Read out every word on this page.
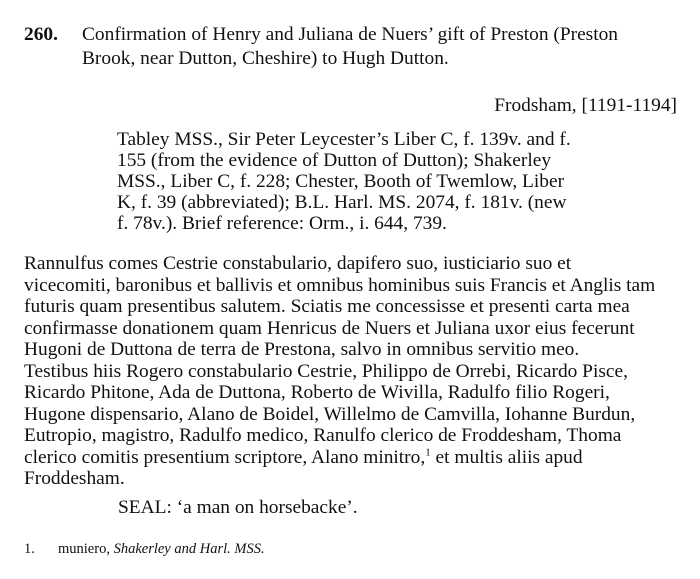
260. Confirmation of Henry and Juliana de Nuers’ gift of Preston (Preston
Brook, near Dutton, Cheshire) to Hugh Dutton.
Frodsham, [1191-1194]
Tabley MSS., Sir Peter Leycester’s Liber C, f. 139v. and f.
155 (from the evidence of Dutton of Dutton); Shakerley
MSS., Liber C, f. 228; Chester, Booth of Twemlow, Liber
K, f. 39 (abbreviated); B.L. Harl. MS. 2074, f. 181v. (new
f. 78v.). Brief reference: Orm., i. 644, 739.
Rannulfus comes Cestrie constabulario, dapifero suo, iusticiario suo et
vicecomiti, baronibus et ballivis et omnibus hominibus suis Francis et Anglis tam
futuris quam presentibus salutem. Sciatis me concessisse et presenti carta mea
confirmasse donationem quam Henricus de Nuers et Juliana uxor eius fecerunt
Hugoni de Duttona de terra de Prestona, salvo in omnibus servitio meo.
Testibus hiis Rogero constabulario Cestrie, Philippo de Orrebi, Ricardo Pisce,
Ricardo Phitone, Ada de Duttona, Roberto de Wivilla, Radulfo filio Rogeri,
Hugone dispensario, Alano de Boidel, Willelmo de Camvilla, Iohanne Burdun,
Eutropio, magistro, Radulfo medico, Ranulfo clerico de Froddesham, Thoma
clerico comitis presentium scriptore, Alano minitro,$^1$ et multis aliis apud
Froddesham.
SEAL: ‘a man on horsebacke’.
1. muniero, Shakerley and Harl. MSS.
